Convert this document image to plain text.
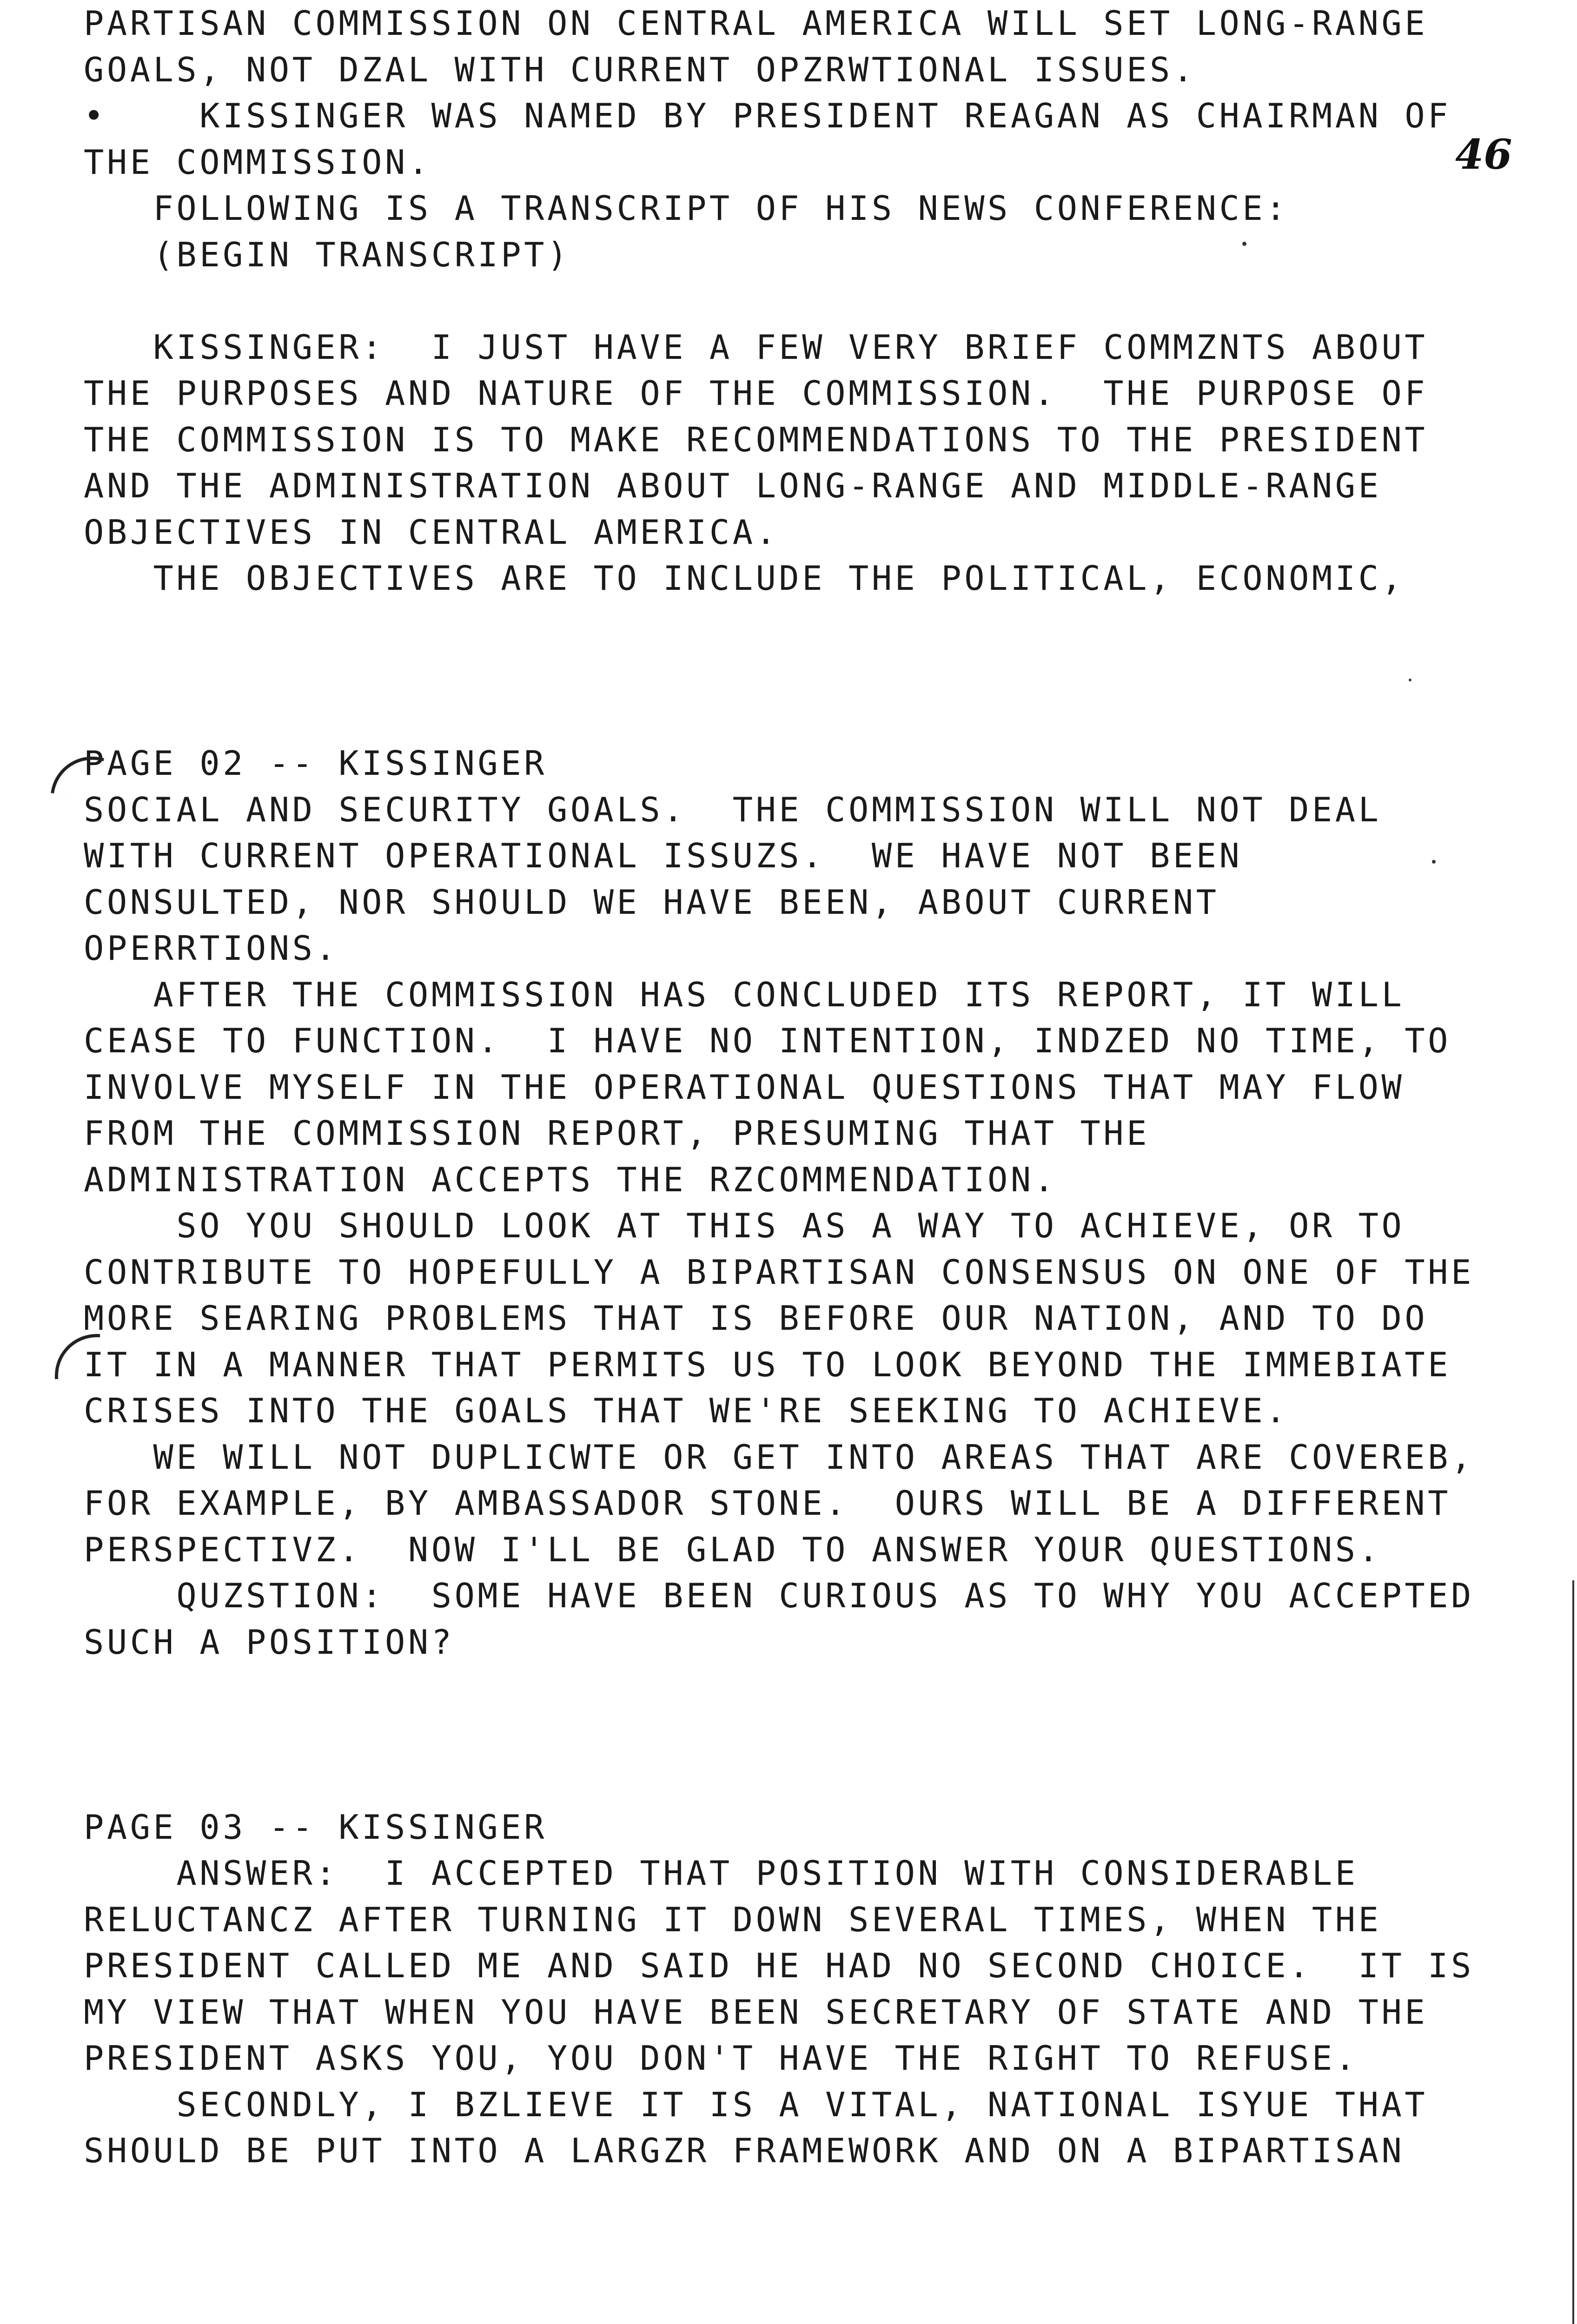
PARTISAN COMMISSION ON CENTRAL AMERICA WILL SET LONG-RANGE
GOALS, NOT DZAL WITH CURRENT OPZRWTIONAL ISSUES.
•    KISSINGER WAS NAMED BY PRESIDENT REAGAN AS CHAIRMAN OF
THE COMMISSION.
FOLLOWING IS A TRANSCRIPT OF HIS NEWS CONFERENCE:
(BEGIN TRANSCRIPT)
KISSINGER:  I JUST HAVE A FEW VERY BRIEF COMMZNTS ABOUT
THE PURPOSES AND NATURE OF THE COMMISSION.  THE PURPOSE OF
THE COMMISSION IS TO MAKE RECOMMENDATIONS TO THE PRESIDENT
AND THE ADMINISTRATION ABOUT LONG-RANGE AND MIDDLE-RANGE
OBJECTIVES IN CENTRAL AMERICA.
THE OBJECTIVES ARE TO INCLUDE THE POLITICAL, ECONOMIC,
PAGE 02 -- KISSINGER
SOCIAL AND SECURITY GOALS.  THE COMMISSION WILL NOT DEAL
WITH CURRENT OPERATIONAL ISSUZS.  WE HAVE NOT BEEN
CONSULTED, NOR SHOULD WE HAVE BEEN, ABOUT CURRENT
OPERRTIONS.
AFTER THE COMMISSION HAS CONCLUDED ITS REPORT, IT WILL
CEASE TO FUNCTION.  I HAVE NO INTENTION, INDZED NO TIME, TO
INVOLVE MYSELF IN THE OPERATIONAL QUESTIONS THAT MAY FLOW
FROM THE COMMISSION REPORT, PRESUMING THAT THE
ADMINISTRATION ACCEPTS THE RZCOMMENDATION.
SO YOU SHOULD LOOK AT THIS AS A WAY TO ACHIEVE, OR TO
CONTRIBUTE TO HOPEFULLY A BIPARTISAN CONSENSUS ON ONE OF THE
MORE SEARING PROBLEMS THAT IS BEFORE OUR NATION, AND TO DO
IT IN A MANNER THAT PERMITS US TO LOOK BEYOND THE IMMEBIATE
CRISES INTO THE GOALS THAT WE'RE SEEKING TO ACHIEVE.
WE WILL NOT DUPLICWTE OR GET INTO AREAS THAT ARE COVEREB,
FOR EXAMPLE, BY AMBASSADOR STONE.  OURS WILL BE A DIFFERENT
PERSPECTIVZ.  NOW I'LL BE GLAD TO ANSWER YOUR QUESTIONS.
QUZSTION:  SOME HAVE BEEN CURIOUS AS TO WHY YOU ACCEPTED
SUCH A POSITION?
PAGE 03 -- KISSINGER
ANSWER:  I ACCEPTED THAT POSITION WITH CONSIDERABLE
RELUCTANCZ AFTER TURNING IT DOWN SEVERAL TIMES, WHEN THE
PRESIDENT CALLED ME AND SAID HE HAD NO SECOND CHOICE.  IT IS
MY VIEW THAT WHEN YOU HAVE BEEN SECRETARY OF STATE AND THE
PRESIDENT ASKS YOU, YOU DON'T HAVE THE RIGHT TO REFUSE.
SECONDLY, I BZLIEVE IT IS A VITAL, NATIONAL ISYUE THAT
SHOULD BE PUT INTO A LARGZR FRAMEWORK AND ON A BIPARTISAN
46
